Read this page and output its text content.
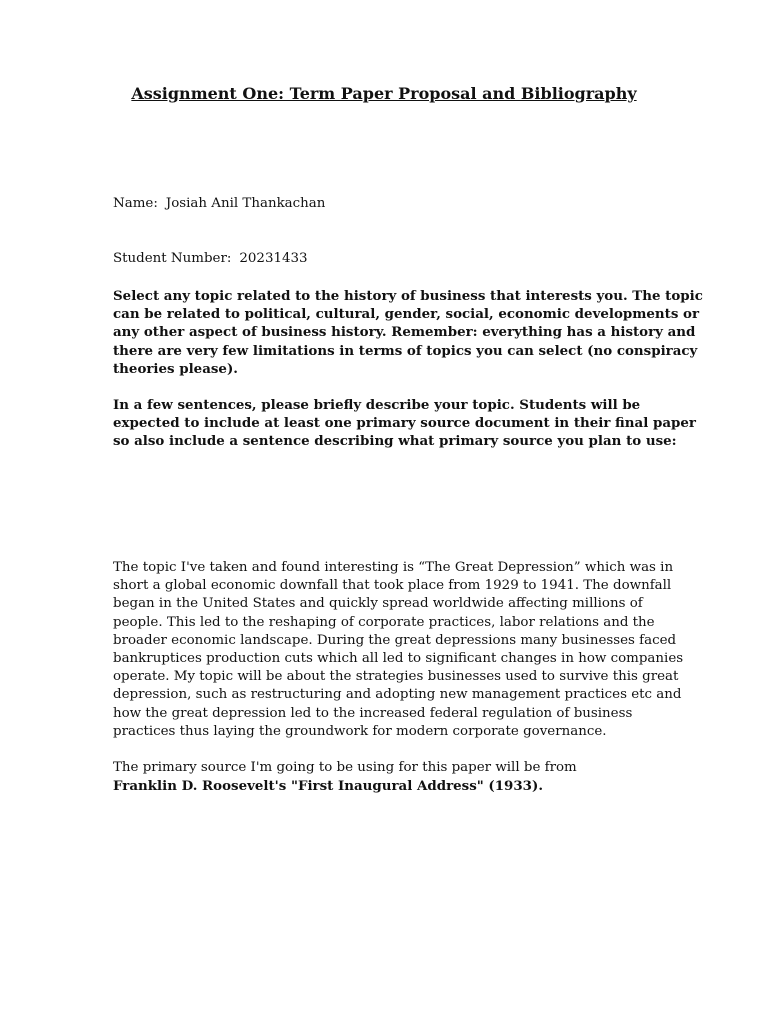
Assignment One: Term Paper Proposal and Bibliography
Name: Josiah Anil Thankachan
Student Number: 20231433
Select any topic related to the history of business that interests you. The topic
can be related to political, cultural, gender, social, economic developments or
any other aspect of business history. Remember: everything has a history and
there are very few limitations in terms of topics you can select (no conspiracy
theories please).
In a few sentences, please briefly describe your topic. Students will be
expected to include at least one primary source document in their final paper
so also include a sentence describing what primary source you plan to use:
The topic I've taken and found interesting is “The Great Depression” which was in
short a global economic downfall that took place from 1929 to 1941. The downfall
began in the United States and quickly spread worldwide affecting millions of
people. This led to the reshaping of corporate practices, labor relations and the
broader economic landscape. During the great depressions many businesses faced
bankruptices production cuts which all led to significant changes in how companies
operate. My topic will be about the strategies businesses used to survive this great
depression, such as restructuring and adopting new management practices etc and
how the great depression led to the increased federal regulation of business
practices thus laying the groundwork for modern corporate governance.
The primary source I'm going to be using for this paper will be from
Franklin D. Roosevelt's "First Inaugural Address" (1933).
